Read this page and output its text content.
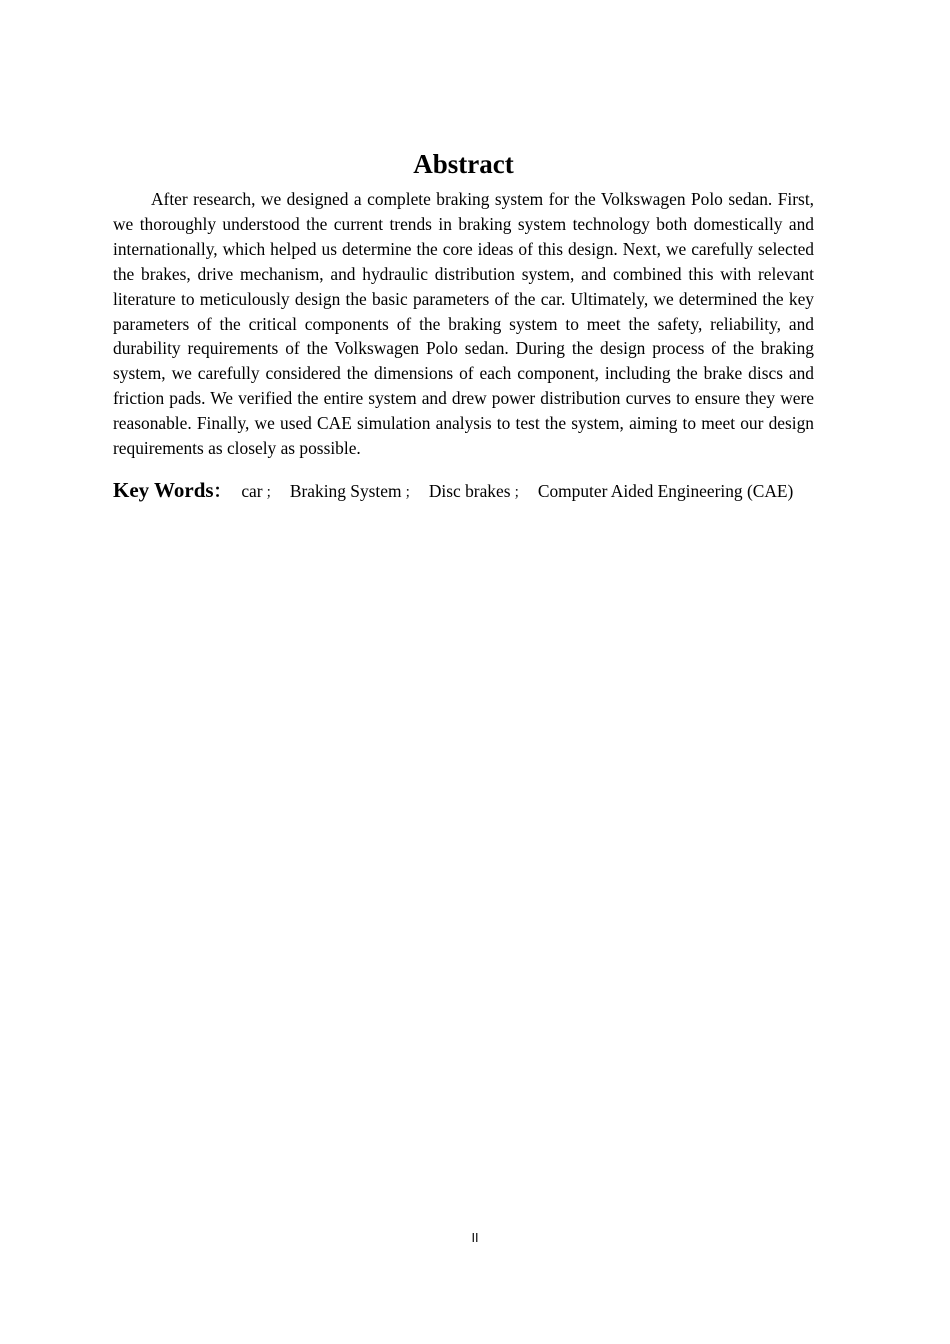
Abstract

After research, we designed a complete braking system for the Volkswagen Polo sedan. First, we thoroughly understood the current trends in braking system technology both domestically and internationally, which helped us determine the core ideas of this design. Next, we carefully selected the brakes, drive mechanism, and hydraulic distribution system, and combined this with relevant literature to meticulously design the basic parameters of the car. Ultimately, we determined the key parameters of the critical components of the braking system to meet the safety, reliability, and durability requirements of the Volkswagen Polo sedan. During the design process of the braking system, we carefully considered the dimensions of each component, including the brake discs and friction pads. We verified the entire system and drew power distribution curves to ensure they were reasonable. Finally, we used CAE simulation analysis to test the system, aiming to meet our design requirements as closely as possible.

Key Words： car ； Braking System ； Disc brakes ； Computer Aided Engineering (CAE)

II
